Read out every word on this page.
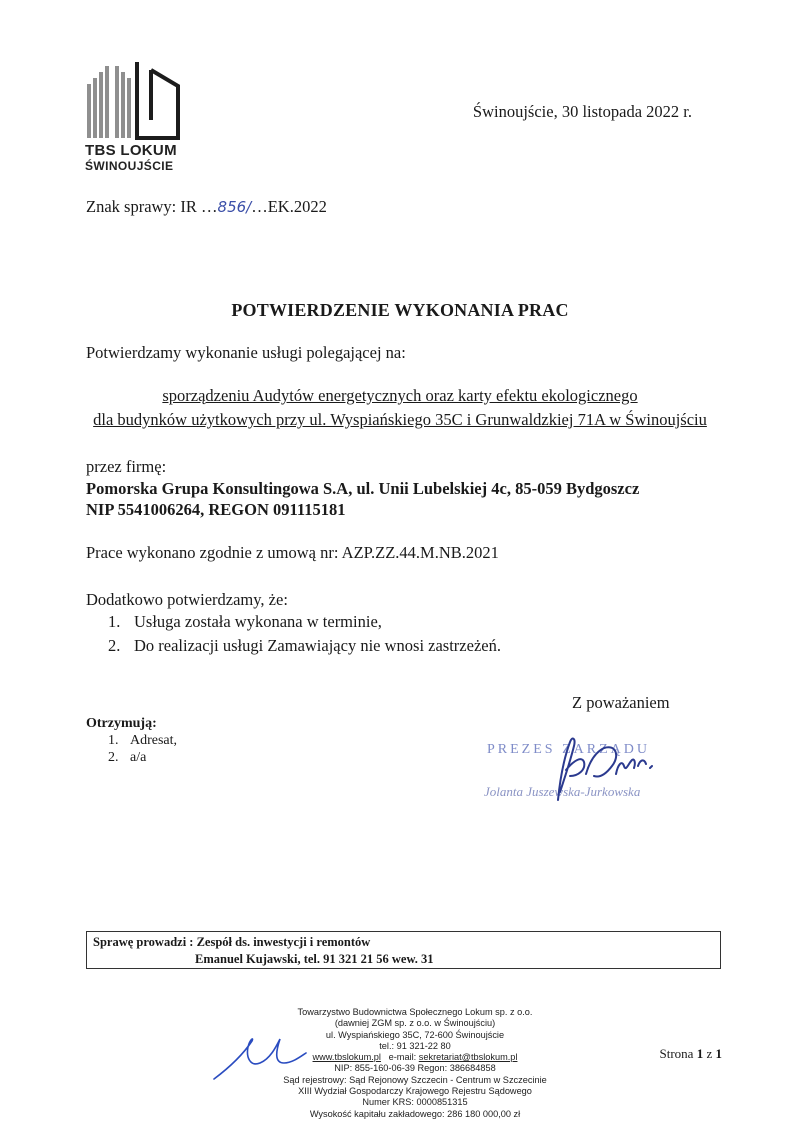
TBS LOKUM
ŚWINOUJŚCIE
Świnoujście, 30 listopada 2022 r.
Znak sprawy: IR …856/…EK.2022
POTWIERDZENIE WYKONANIA PRAC
Potwierdzamy wykonanie usługi polegającej na:
sporządzeniu Audytów energetycznych oraz karty efektu ekologicznego
dla budynków użytkowych przy ul. Wyspiańskiego 35C i Grunwaldzkiej 71A w Świnoujściu
przez firmę:
Pomorska Grupa Konsultingowa S.A, ul. Unii Lubelskiej 4c, 85-059 Bydgoszcz
NIP 5541006264, REGON 091115181
Prace wykonano zgodnie z umową nr: AZP.ZZ.44.M.NB.2021
Dodatkowo potwierdzamy, że:
1. Usługa została wykonana w terminie,
2. Do realizacji usługi Zamawiający nie wnosi zastrzeżeń.
Z poważaniem
PREZES ZARZĄDU
Jolanta Juszewska-Jurkowska
Otrzymują:
1. Adresat,
2. a/a
Sprawę prowadzi : Zespół ds. inwestycji i remontów
Emanuel Kujawski, tel. 91 321 21 56 wew. 31
Towarzystwo Budownictwa Społecznego Lokum sp. z o.o.
(dawniej ZGM sp. z o.o. w Świnoujściu)
ul. Wyspiańskiego 35C, 72-600 Świnoujście
tel.: 91 321-22 80
www.tbslokum.pl e-mail: sekretariat@tbslokum.pl
NIP: 855-160-06-39 Regon: 386684858
Sąd rejestrowy: Sąd Rejonowy Szczecin - Centrum w Szczecinie
XIII Wydział Gospodarczy Krajowego Rejestru Sądowego
Numer KRS: 0000851315
Wysokość kapitału zakładowego: 286 180 000,00 zł
Strona 1 z 1
